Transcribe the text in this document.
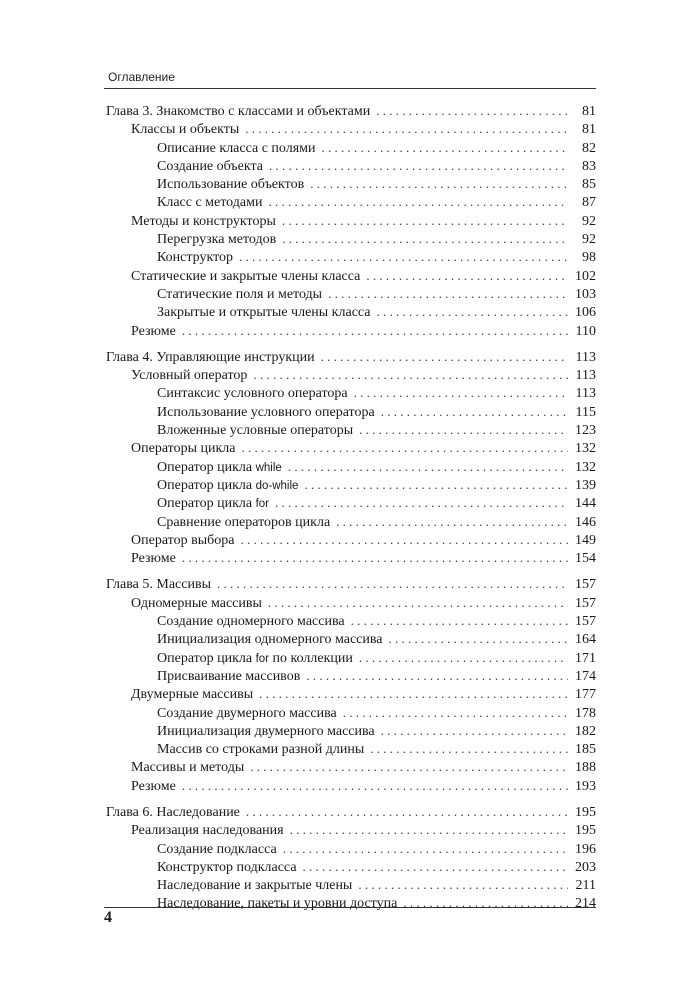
Оглавление
Глава 3. Знакомство с классами и объектами . . .	81
Классы и объекты . . .	81
Описание класса с полями . . .	82
Создание объекта . . .	83
Использование объектов . . .	85
Класс с методами . . .	87
Методы и конструкторы . . .	92
Перегрузка методов . . .	92
Конструктор . . .	98
Статические и закрытые члены класса . . .	102
Статические поля и методы . . .	103
Закрытые и открытые члены класса . . .	106
Резюме . . .	110
Глава 4. Управляющие инструкции . . .	113
Условный оператор . . .	113
Синтаксис условного оператора . . .	113
Использование условного оператора . . .	115
Вложенные условные операторы . . .	123
Операторы цикла . . .	132
Оператор цикла while . . .	132
Оператор цикла do-while . . .	139
Оператор цикла for . . .	144
Сравнение операторов цикла . . .	146
Оператор выбора . . .	149
Резюме . . .	154
Глава 5. Массивы . . .	157
Одномерные массивы . . .	157
Создание одномерного массива . . .	157
Инициализация одномерного массива . . .	164
Оператор цикла for по коллекции . . .	171
Присваивание массивов . . .	174
Двумерные массивы . . .	177
Создание двумерного массива . . .	178
Инициализация двумерного массива . . .	182
Массив со строками разной длины . . .	185
Массивы и методы . . .	188
Резюме . . .	193
Глава 6. Наследование . . .	195
Реализация наследования . . .	195
Создание подкласса . . .	196
Конструктор подкласса . . .	203
Наследование и закрытые члены . . .	211
Наследование, пакеты и уровни доступа . . .	214
4
